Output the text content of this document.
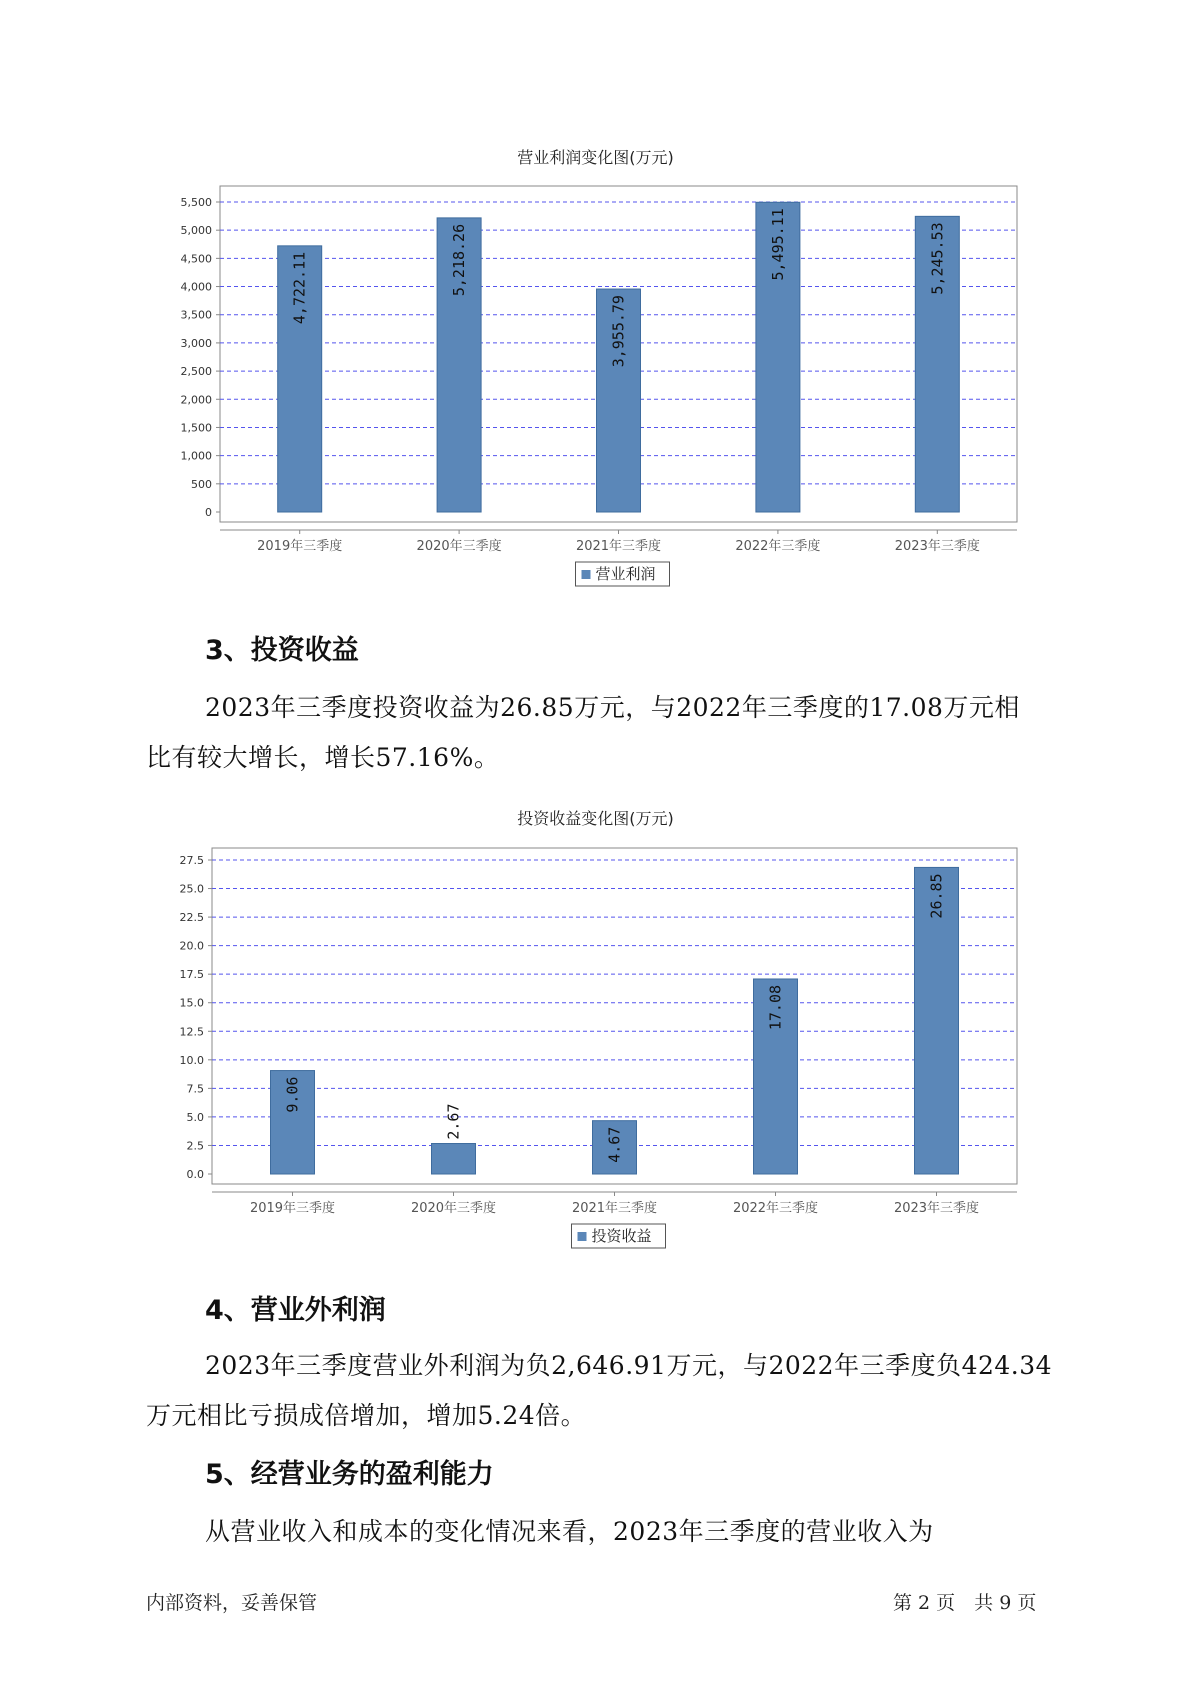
营业利润变化图(万元)
0
500
1,000
1,500
2,000
2,500
3,000
3,500
4,000
4,500
5,000
5,500
2019年三季度
4,722.11
2020年三季度
5,218.26
2021年三季度
3,955.79
2022年三季度
5,495.11
2023年三季度
5,245.53
营业利润
3、投资收益
2023年三季度投资收益为26.85万元，与2022年三季度的17.08万元相
比有较大增长，增长57.16%。
投资收益变化图(万元)
0.0
2.5
5.0
7.5
10.0
12.5
15.0
17.5
20.0
22.5
25.0
27.5
2019年三季度
9.06
2020年三季度
2.67
2021年三季度
4.67
2022年三季度
17.08
2023年三季度
26.85
投资收益
4、营业外利润
2023年三季度营业外利润为负2,646.91万元，与2022年三季度负424.34
万元相比亏损成倍增加，增加5.24倍。
5、经营业务的盈利能力
从营业收入和成本的变化情况来看，2023年三季度的营业收入为
内部资料，妥善保管	第 2 页　共 9 页
